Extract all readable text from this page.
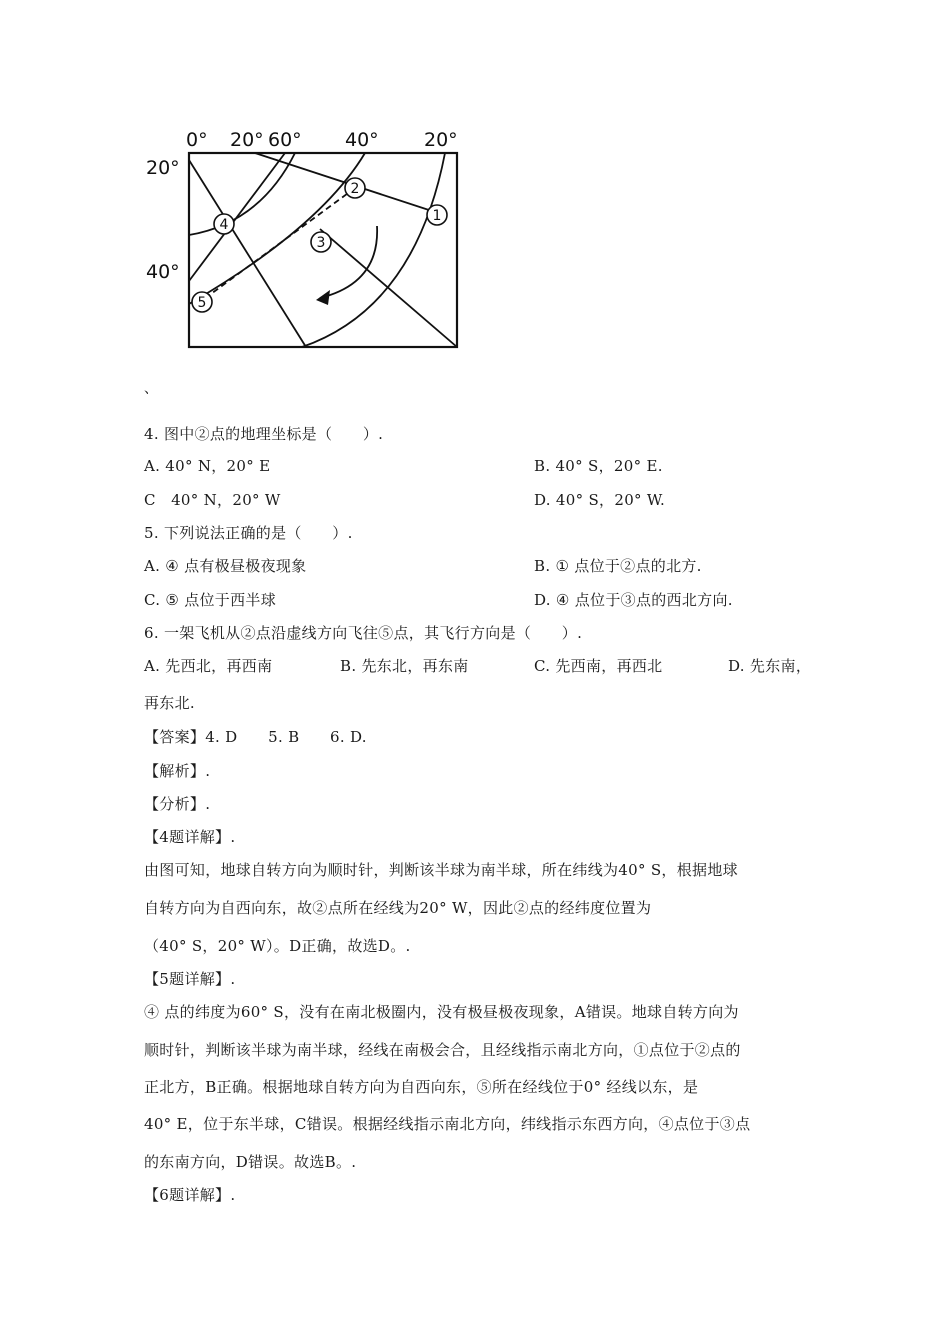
0° 20° 60° 40° 20°
20°
40°
1
2
3
4
5
、
4. 图中②点的地理坐标是（　　）.
A. 40° N，20° E	B. 40° S，20° E.
C　40° N，20° W	D. 40° S，20° W.
5. 下列说法正确的是（　　）.
A. ④ 点有极昼极夜现象	B. ① 点位于②点的北方.
C. ⑤ 点位于西半球	D. ④ 点位于③点的西北方向.
6. 一架飞机从②点沿虚线方向飞往⑤点，其飞行方向是（　　）.
A. 先西北，再西南	B. 先东北，再东南	C. 先西南，再西北	D. 先东南，
再东北.
【答案】4. D　　5. B　　6. D.
【解析】.
【分析】.
【4题详解】.
由图可知，地球自转方向为顺时针，判断该半球为南半球，所在纬线为40° S，根据地球
自转方向为自西向东，故②点所在经线为20° W，因此②点的经纬度位置为
（40° S，20° W）。D正确，故选D。.
【5题详解】.
④ 点的纬度为60° S，没有在南北极圈内，没有极昼极夜现象，A错误。地球自转方向为
顺时针，判断该半球为南半球，经线在南极会合，且经线指示南北方向，①点位于②点的
正北方，B正确。根据地球自转方向为自西向东，⑤所在经线位于0° 经线以东，是
40° E，位于东半球，C错误。根据经线指示南北方向，纬线指示东西方向，④点位于③点
的东南方向，D错误。故选B。.
【6题详解】.
